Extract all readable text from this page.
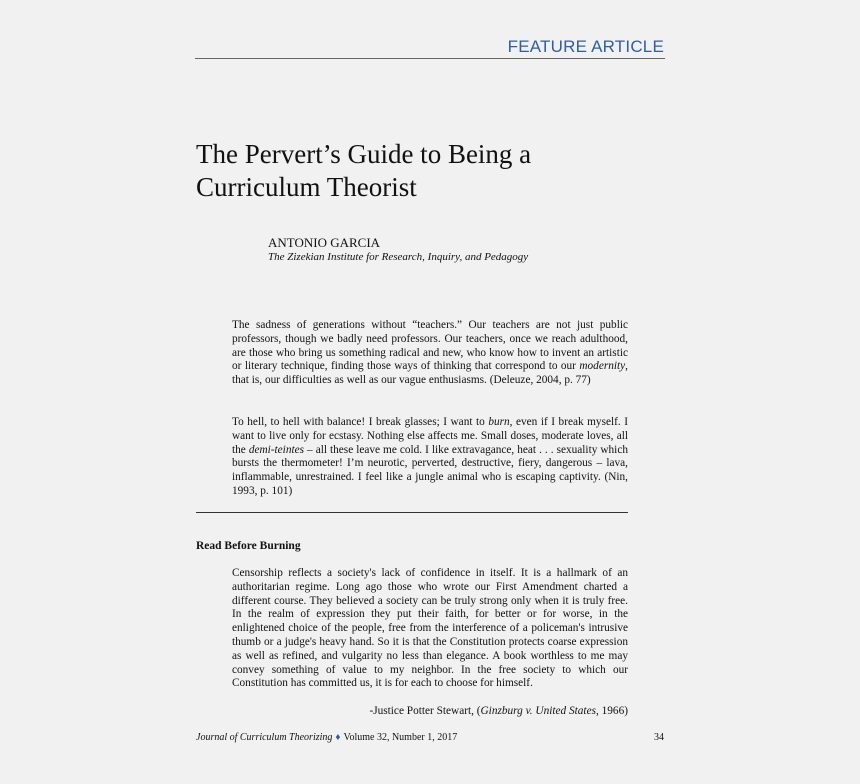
FEATURE ARTICLE
The Pervert’s Guide to Being a
Curriculum Theorist
ANTONIO GARCIA
The Zizekian Institute for Research, Inquiry, and Pedagogy

The sadness of generations without “teachers.” Our teachers are not just public professors, though we badly need professors. Our teachers, once we reach adulthood, are those who bring us something radical and new, who know how to invent an artistic or literary technique, finding those ways of thinking that correspond to our modernity, that is, our difficulties as well as our vague enthusiasms. (Deleuze, 2004, p. 77)

To hell, to hell with balance! I break glasses; I want to burn, even if I break myself. I want to live only for ecstasy. Nothing else affects me. Small doses, moderate loves, all the demi-teintes – all these leave me cold. I like extravagance, heat . . . sexuality which bursts the thermometer! I’m neurotic, perverted, destructive, fiery, dangerous – lava, inflammable, unrestrained. I feel like a jungle animal who is escaping captivity. (Nin, 1993, p. 101)

Read Before Burning

Censorship reflects a society's lack of confidence in itself. It is a hallmark of an authoritarian regime. Long ago those who wrote our First Amendment charted a different course. They believed a society can be truly strong only when it is truly free. In the realm of expression they put their faith, for better or for worse, in the enlightened choice of the people, free from the interference of a policeman's intrusive thumb or a judge's heavy hand. So it is that the Constitution protects coarse expression as well as refined, and vulgarity no less than elegance. A book worthless to me may convey something of value to my neighbor. In the free society to which our Constitution has committed us, it is for each to choose for himself.

-Justice Potter Stewart, (Ginzburg v. United States, 1966)
Journal of Curriculum Theorizing ♦ Volume 32, Number 1, 2017	34
